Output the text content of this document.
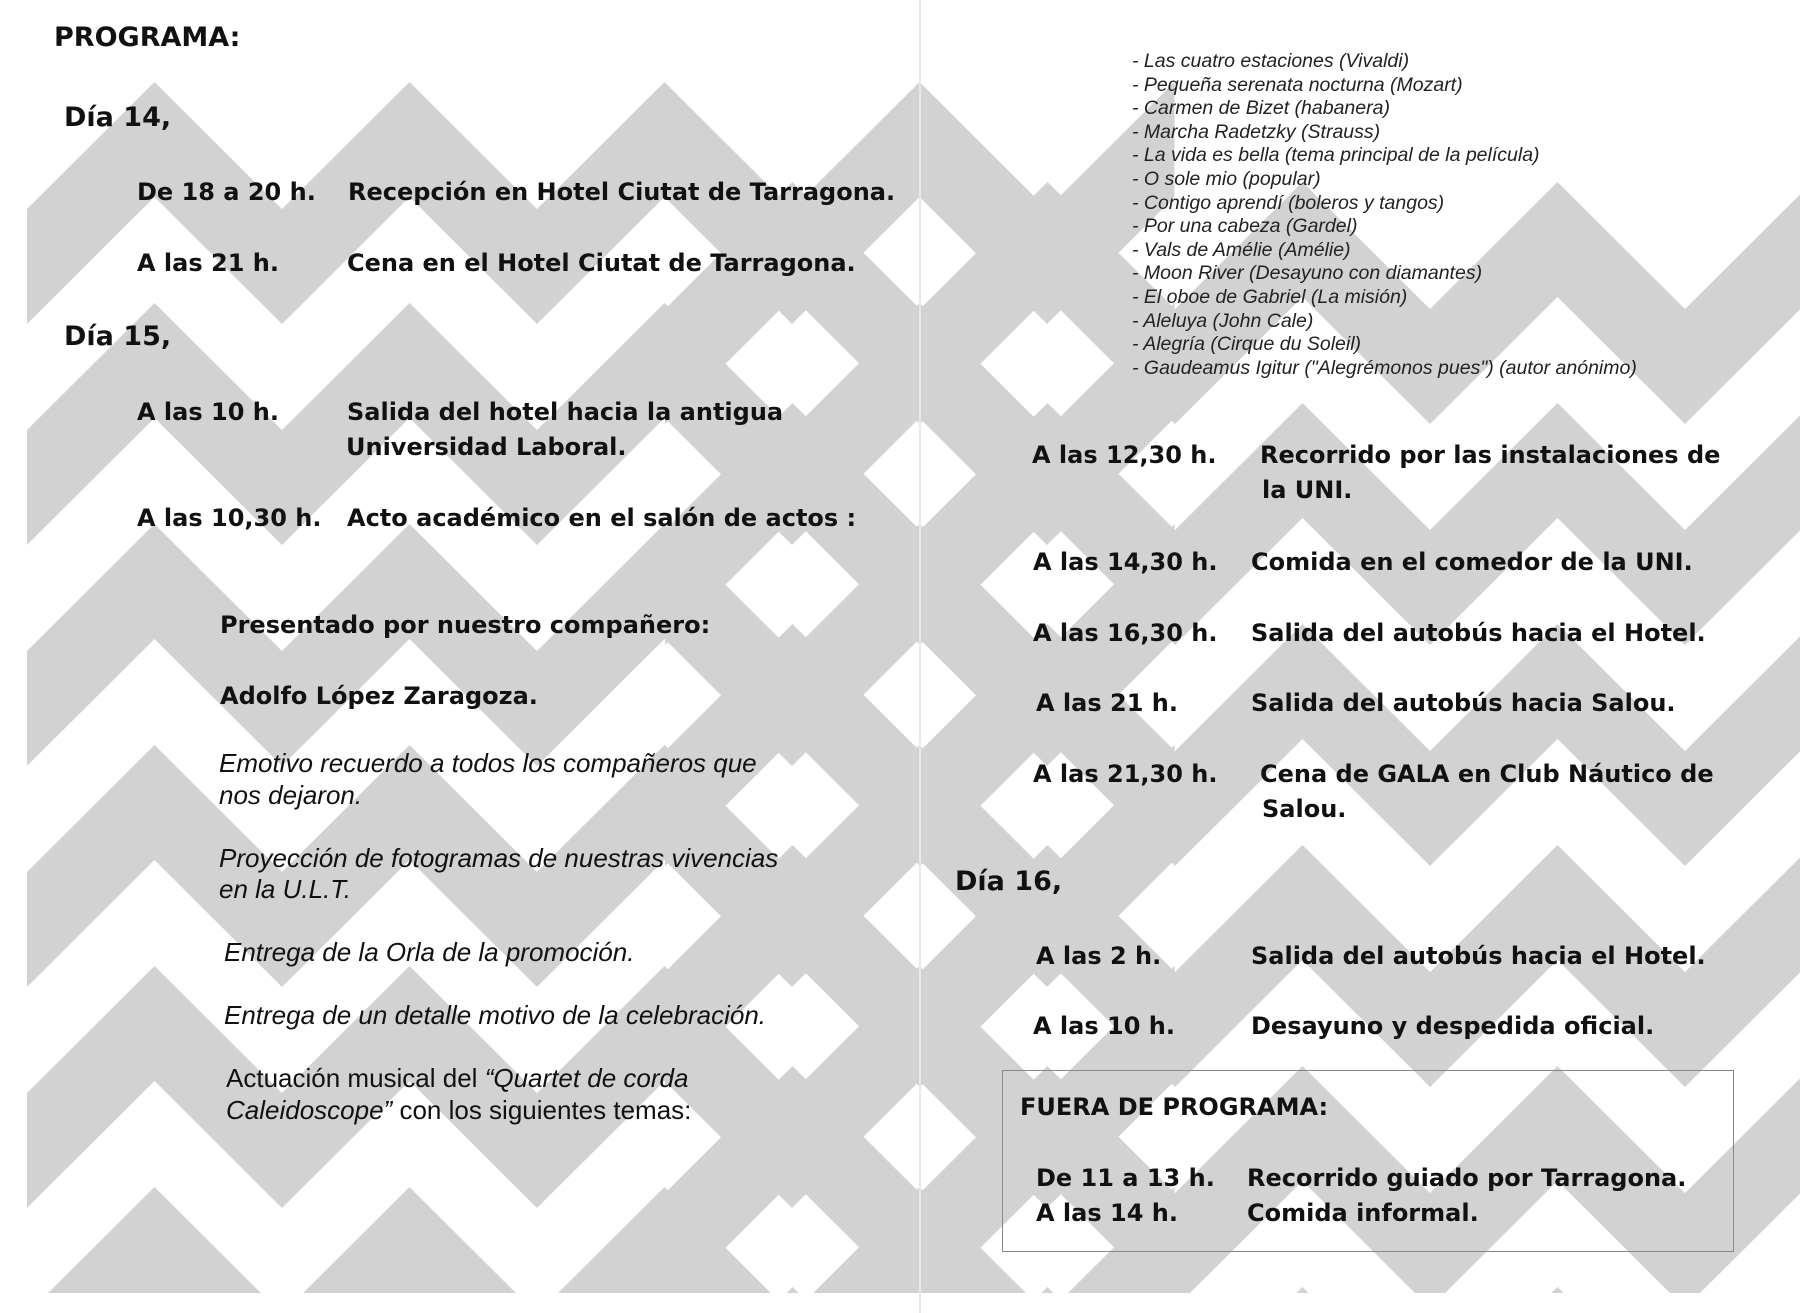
PROGRAMA:
Día 14,
De 18 a 20 h. Recepción en Hotel Ciutat de Tarragona.
A las 21 h.	Cena en el Hotel Ciutat de Tarragona.
Día 15,
A las 10 h.	Salida del hotel hacia la antigua
Universidad Laboral.
A las 10,30 h. Acto académico en el salón de actos :
Presentado por nuestro compañero:
Adolfo López Zaragoza.
Emotivo recuerdo a todos los compañeros que
nos dejaron.
Proyección de fotogramas de nuestras vivencias
en la U.L.T.
Entrega de la Orla de la promoción.
Entrega de un detalle motivo de la celebración.
Actuación musical del “Quartet de corda
Caleidoscope” con los siguientes temas:
- Las cuatro estaciones (Vivaldi)
- Pequeña serenata nocturna (Mozart)
- Carmen de Bizet (habanera)
- Marcha Radetzky (Strauss)
- La vida es bella (tema principal de la película)
- O sole mio (popular)
- Contigo aprendí (boleros y tangos)
- Por una cabeza (Gardel)
- Vals de Amélie (Amélie)
- Moon River (Desayuno con diamantes)
- El oboe de Gabriel (La misión)
- Aleluya (John Cale)
- Alegría (Cirque du Soleil)
- Gaudeamus Igitur ("Alegrémonos pues") (autor anónimo)
A las 12,30 h. Recorrido por las instalaciones de
la UNI.
A las 14,30 h. Comida en el comedor de la UNI.
A las 16,30 h. Salida del autobús hacia el Hotel.
A las 21 h.	Salida del autobús hacia Salou.
A las 21,30 h. Cena de GALA en Club Náutico de
Salou.
Día 16,
A las 2 h.	Salida del autobús hacia el Hotel.
A las 10 h.	Desayuno y despedida oficial.
FUERA DE PROGRAMA:
De 11 a 13 h. Recorrido guiado por Tarragona.
A las 14 h.	Comida informal.
